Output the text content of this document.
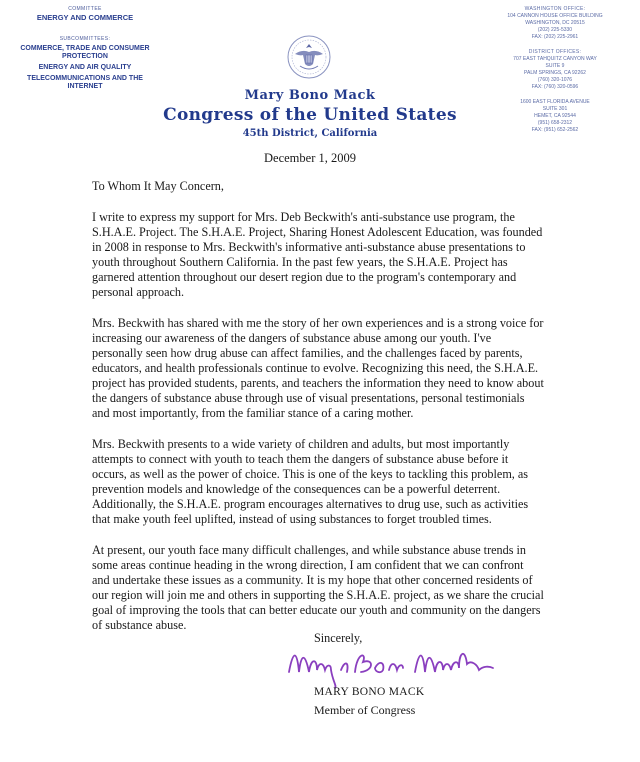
COMMITTEE
ENERGY AND COMMERCE
SUBCOMMITTEES:
COMMERCE, TRADE AND CONSUMER PROTECTION
ENERGY AND AIR QUALITY
TELECOMMUNICATIONS AND THE INTERNET
Mary Bono Mack
Congress of the United States
45th District, California
WASHINGTON OFFICE:
104 CANNON HOUSE OFFICE BUILDING
WASHINGTON, DC 20515
(202) 225-5330
FAX: (202) 225-2961
DISTRICT OFFICES:
707 EAST TAHQUITZ CANYON WAY
SUITE 9
PALM SPRINGS, CA 92262
(760) 320-1076
FAX: (760) 320-0596
1600 EAST FLORIDA AVENUE
SUITE 301
HEMET, CA 92544
(951) 658-2312
FAX: (951) 652-2562
December 1, 2009

To Whom It May Concern,

I write to express my support for Mrs. Deb Beckwith's anti-substance use program, the S.H.A.E. Project. The S.H.A.E. Project, Sharing Honest Adolescent Education, was founded in 2008 in response to Mrs. Beckwith's informative anti-substance abuse presentations to youth throughout Southern California. In the past few years, the S.H.A.E. Project has garnered attention throughout our desert region due to the program's contemporary and personal approach.

Mrs. Beckwith has shared with me the story of her own experiences and is a strong voice for increasing our awareness of the dangers of substance abuse among our youth. I've personally seen how drug abuse can affect families, and the challenges faced by parents, educators, and health professionals continue to evolve. Recognizing this need, the S.H.A.E. project has provided students, parents, and teachers the information they need to know about the dangers of substance abuse through use of visual presentations, personal testimonials and most importantly, from the familiar stance of a caring mother.

Mrs. Beckwith presents to a wide variety of children and adults, but most importantly attempts to connect with youth to teach them the dangers of substance abuse before it occurs, as well as the power of choice. This is one of the keys to tackling this problem, as prevention models and knowledge of the consequences can be a powerful deterrent. Additionally, the S.H.A.E. program encourages alternatives to drug use, such as activities that make youth feel uplifted, instead of using substances to forget troubled times.

At present, our youth face many difficult challenges, and while substance abuse trends in some areas continue heading in the wrong direction, I am confident that we can confront and undertake these issues as a community. It is my hope that other concerned residents of our region will join me and others in supporting the S.H.A.E. project, as we share the crucial goal of improving the tools that can better educate our youth and community on the dangers of substance abuse.

Sincerely,
MARY BONO MACK
Member of Congress
